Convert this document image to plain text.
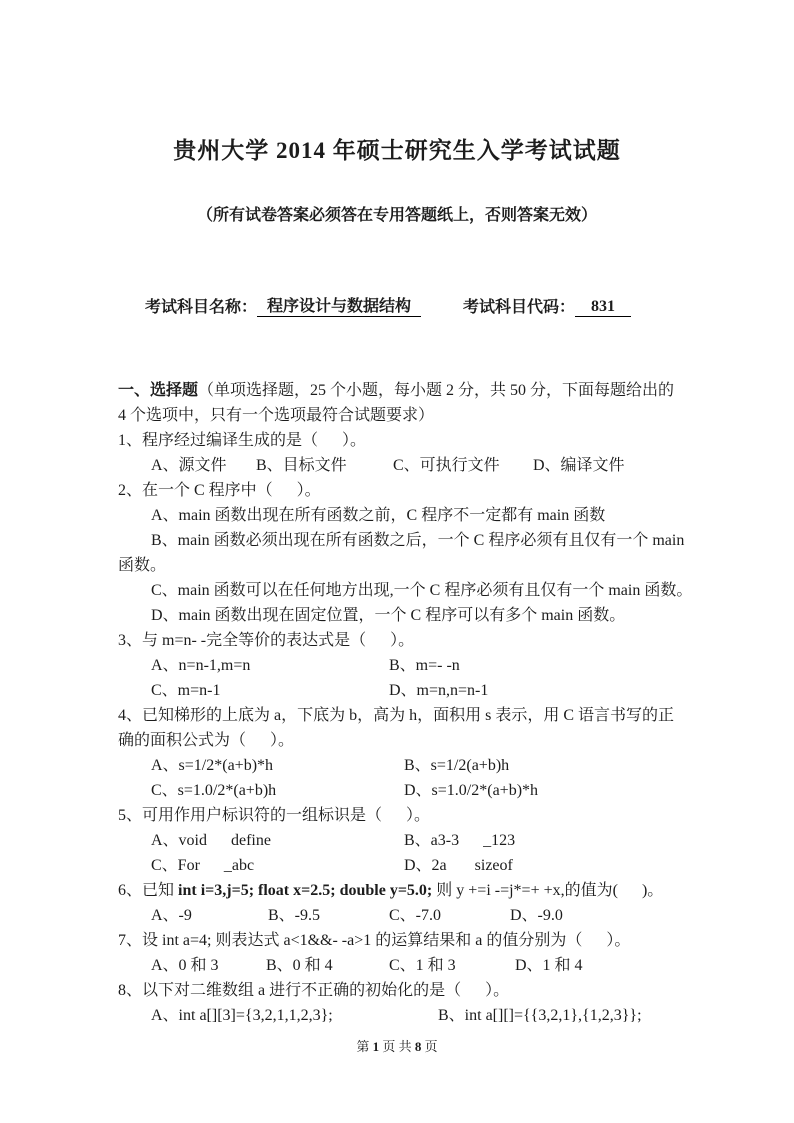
贵州大学 2014 年硕士研究生入学考试试题
（所有试卷答案必须答在专用答题纸上，否则答案无效）
考试科目名称： 程序设计与数据结构	考试科目代码：	831
一、选择题（单项选择题，25 个小题，每小题 2 分，共 50 分，下面每题给出的
4 个选项中，只有一个选项最符合试题要求）
1、程序经过编译生成的是（      ）。
A、源文件	B、目标文件	C、可执行文件	D、编译文件
2、在一个 C 程序中（      ）。
A、main 函数出现在所有函数之前，C 程序不一定都有 main 函数
B、main 函数必须出现在所有函数之后，一个 C 程序必须有且仅有一个 main
函数。
C、main 函数可以在任何地方出现,一个 C 程序必须有且仅有一个 main 函数。
D、main 函数出现在固定位置，一个 C 程序可以有多个 main 函数。
3、与 m=n- -完全等价的表达式是（      ）。
A、n=n-1,m=n	B、m=- -n
C、m=n-1	D、m=n,n=n-1
4、已知梯形的上底为 a，下底为 b，高为 h，面积用 s 表示，用 C 语言书写的正
确的面积公式为（      ）。
A、s=1/2*(a+b)*h	B、s=1/2(a+b)h
C、s=1.0/2*(a+b)h	D、s=1.0/2*(a+b)*h
5、可用作用户标识符的一组标识是（      ）。
A、void      define	B、a3-3      _123
C、For      _abc	D、2a       sizeof
6、已知 int i=3,j=5; float x=2.5; double y=5.0; 则 y +=i -=j*=+ +x,的值为(      )。
A、-9	B、-9.5	C、-7.0	D、-9.0
7、设 int a=4; 则表达式 a<1&&- -a>1 的运算结果和 a 的值分别为（      ）。
A、0 和 3	B、0 和 4	C、1 和 3	D、1 和 4
8、以下对二维数组 a 进行不正确的初始化的是（      ）。
A、int a[][3]={3,2,1,1,2,3};	B、int a[][]={{3,2,1},{1,2,3}};
第 1 页 共 8 页
